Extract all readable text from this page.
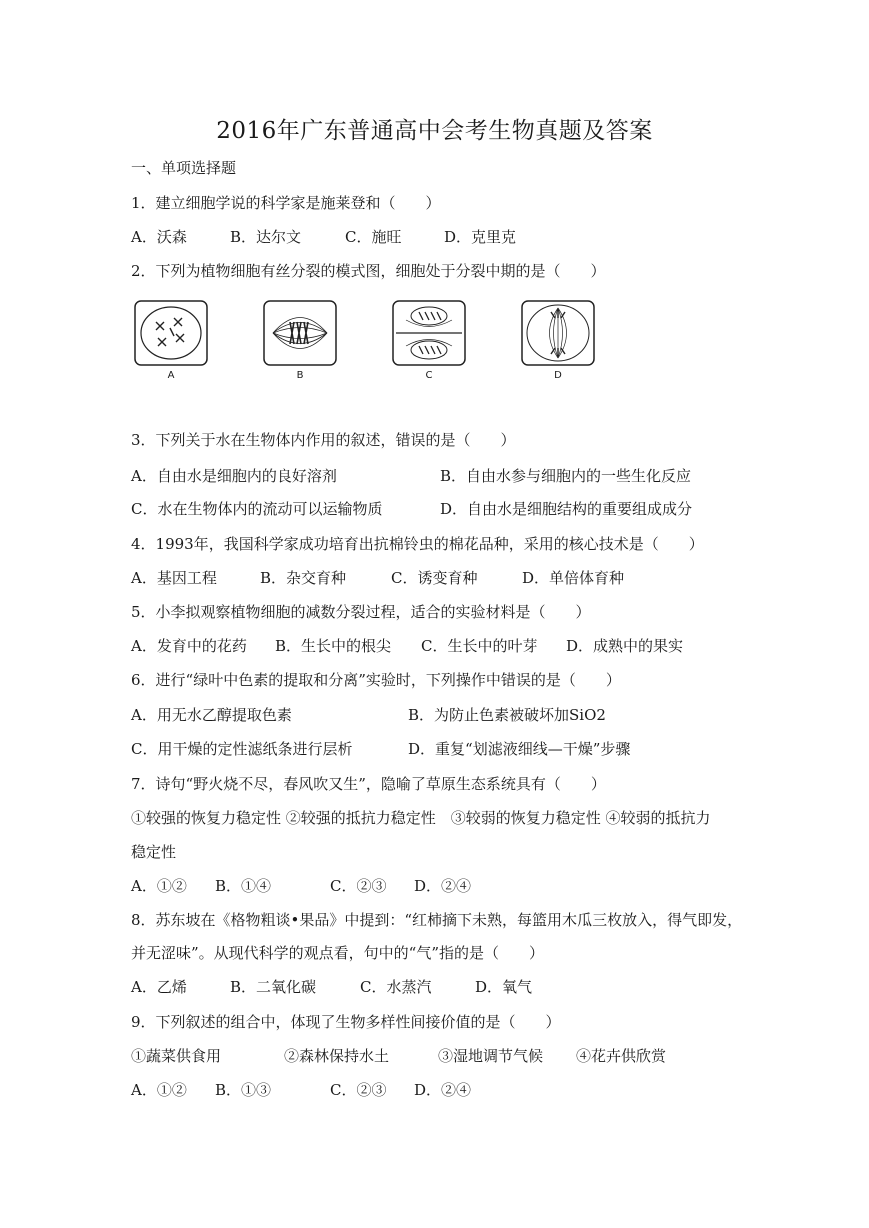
2016年广东普通高中会考生物真题及答案
一、单项选择题
1．建立细胞学说的科学家是施莱登和（　　）
A．沃森	B．达尔文	C．施旺	D．克里克
2．下列为植物细胞有丝分裂的模式图，细胞处于分裂中期的是（　　）
A	B	C	D
3．下列关于水在生物体内作用的叙述，错误的是（　　）
A．自由水是细胞内的良好溶剂	B．自由水参与细胞内的一些生化反应
C．水在生物体内的流动可以运输物质	D．自由水是细胞结构的重要组成成分
4．1993年，我国科学家成功培育出抗棉铃虫的棉花品种，采用的核心技术是（　　）
A．基因工程	B．杂交育种	C．诱变育种	D．单倍体育种
5．小李拟观察植物细胞的减数分裂过程，适合的实验材料是（　　）
A．发育中的花药 B．生长中的根尖 C．生长中的叶芽 D．成熟中的果实
6．进行“绿叶中色素的提取和分离”实验时，下列操作中错误的是（　　）
A．用无水乙醇提取色素	B．为防止色素被破坏加SiO2
C．用干燥的定性滤纸条进行层析	D．重复“划滤液细线—干燥”步骤
7．诗句“野火烧不尽，春风吹又生”，隐喻了草原生态系统具有（　　）
①较强的恢复力稳定性 ②较强的抵抗力稳定性　③较弱的恢复力稳定性 ④较弱的抵抗力
稳定性
A．①② B．①④	C．②③ D．②④
8．苏东坡在《格物粗谈•果品》中提到：“红柿摘下未熟，每篮用木瓜三枚放入，得气即发，
并无涩味”。从现代科学的观点看，句中的“气”指的是（　　）
A．乙烯	B．二氧化碳	C．水蒸汽	D．氧气
9．下列叙述的组合中，体现了生物多样性间接价值的是（　　）
①蔬菜供食用	②森林保持水土	③湿地调节气候 ④花卉供欣赏
A．①② B．①③	C．②③ D．②④
